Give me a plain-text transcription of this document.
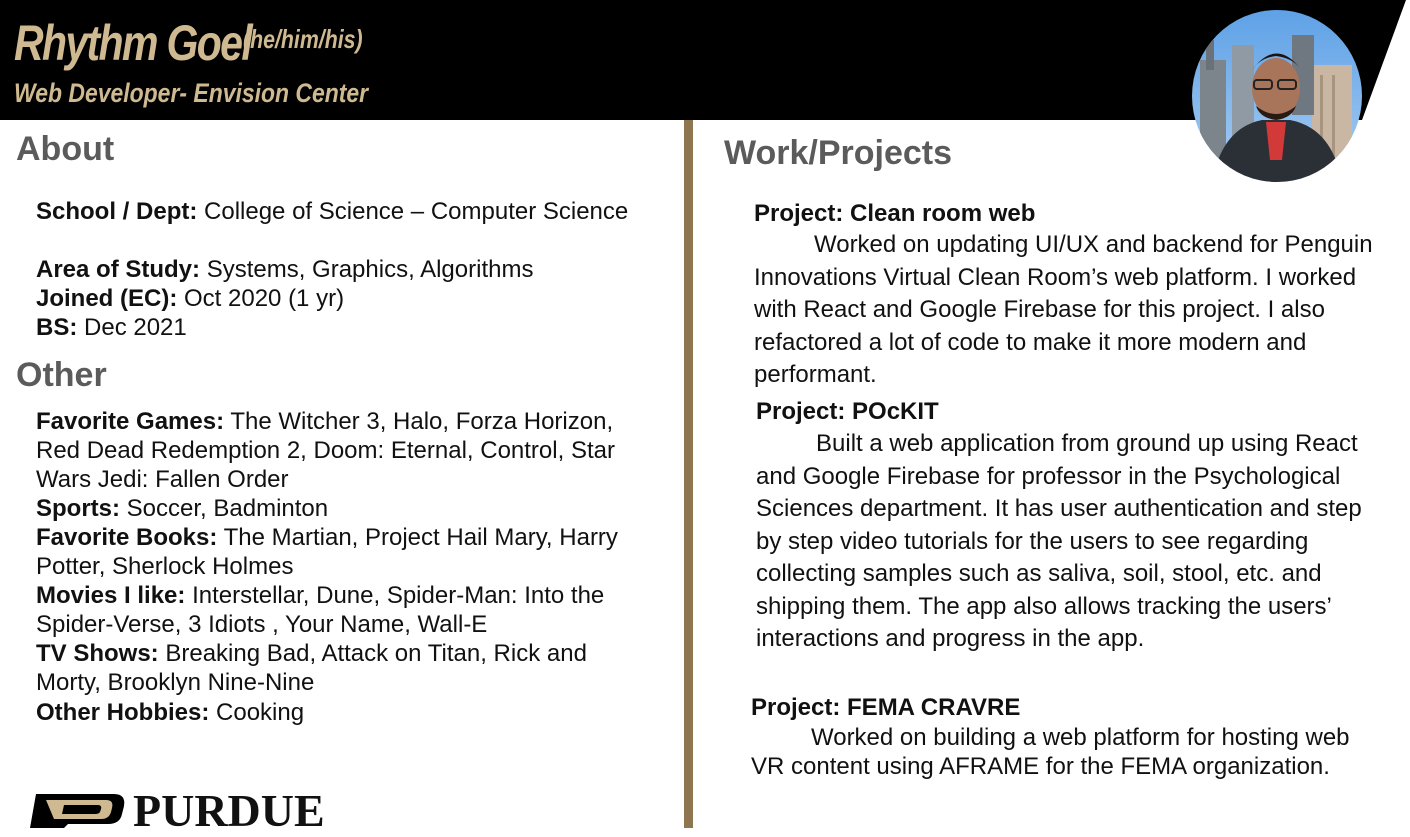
Rhythm Goel
(he/him/his)
Web Developer- Envision Center
About
School / Dept: College of Science – Computer Science
Area of Study: Systems, Graphics, Algorithms
Joined (EC): Oct 2020 (1 yr)
BS: Dec 2021
Other
Favorite Games: The Witcher 3, Halo, Forza Horizon, Red Dead Redemption 2, Doom: Eternal, Control, Star Wars Jedi: Fallen Order
Sports: Soccer, Badminton
Favorite Books: The Martian, Project Hail Mary, Harry Potter, Sherlock Holmes
Movies I like: Interstellar, Dune, Spider-Man: Into the Spider-Verse, 3 Idiots , Your Name, Wall-E
TV Shows: Breaking Bad, Attack on Titan, Rick and Morty, Brooklyn Nine-Nine
Other Hobbies: Cooking
Work/Projects
Project: Clean room web
Worked on updating UI/UX and backend for Penguin Innovations Virtual Clean Room’s web platform. I worked with React and Google Firebase for this project. I also refactored a lot of code to make it more modern and performant.
Project: POcKIT
Built a web application from ground up using React and Google Firebase for professor in the Psychological Sciences department. It has user authentication and step by step video tutorials for the users to see regarding collecting samples such as saliva, soil, stool, etc. and shipping them. The app also allows tracking the users’ interactions and progress in the app.
Project: FEMA CRAVRE
Worked on building a web platform for hosting web VR content using AFRAME for the FEMA organization.
PURDUE
